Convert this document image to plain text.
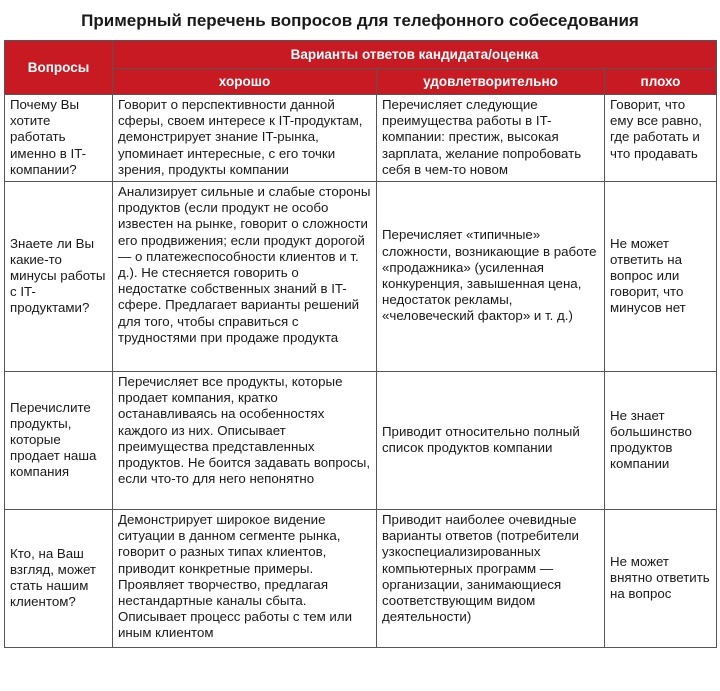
Примерный перечень вопросов для телефонного собеседования
Вопросы	Варианты ответов кандидата/оценка		
	хорошо	удовлетворительно	плохо
Почему Вы хотите работать именно в IT-компании?	Говорит о перспективности данной сферы, своем интересе к IT-продуктам, демонстрирует знание IT-рынка, упоминает интересные, с его точки зрения, продукты компании	Перечисляет следующие преимущества работы в IT-компании: престиж, высокая зарплата, желание попробовать себя в чем-то новом	Говорит, что ему все равно, где работать и что продавать
Знаете ли Вы какие-то минусы работы с IT-продуктами?	Анализирует сильные и слабые стороны продуктов (если продукт не особо известен на рынке, говорит о сложности его продвижения; если продукт дорогой — о платежеспособности клиентов и т. д.). Не стесняется говорить о недостатке собственных знаний в IT-сфере. Предлагает варианты решений для того, чтобы справиться с трудностями при продаже продукта	Перечисляет «типичные» сложности, возникающие в работе «продажника» (усиленная конкуренция, завышенная цена, недостаток рекламы, «человеческий фактор» и т. д.)	Не может ответить на вопрос или говорит, что минусов нет
Перечислите продукты, которые продает наша компания	Перечисляет все продукты, которые продает компания, кратко останавливаясь на особенностях каждого из них. Описывает преимущества представленных продуктов. Не боится задавать вопросы, если что-то для него непонятно	Приводит относительно полный список продуктов компании	Не знает большинство продуктов компании
Кто, на Ваш взгляд, может стать нашим клиентом?	Демонстрирует широкое видение ситуации в данном сегменте рынка, говорит о разных типах клиентов, приводит конкретные примеры. Проявляет творчество, предлагая нестандартные каналы сбыта. Описывает процесс работы с тем или иным клиентом	Приводит наиболее очевидные варианты ответов (потребители узкоспециализированных компьютерных программ — организации, занимающиеся соответствующим видом деятельности)	Не может внятно ответить на вопрос
